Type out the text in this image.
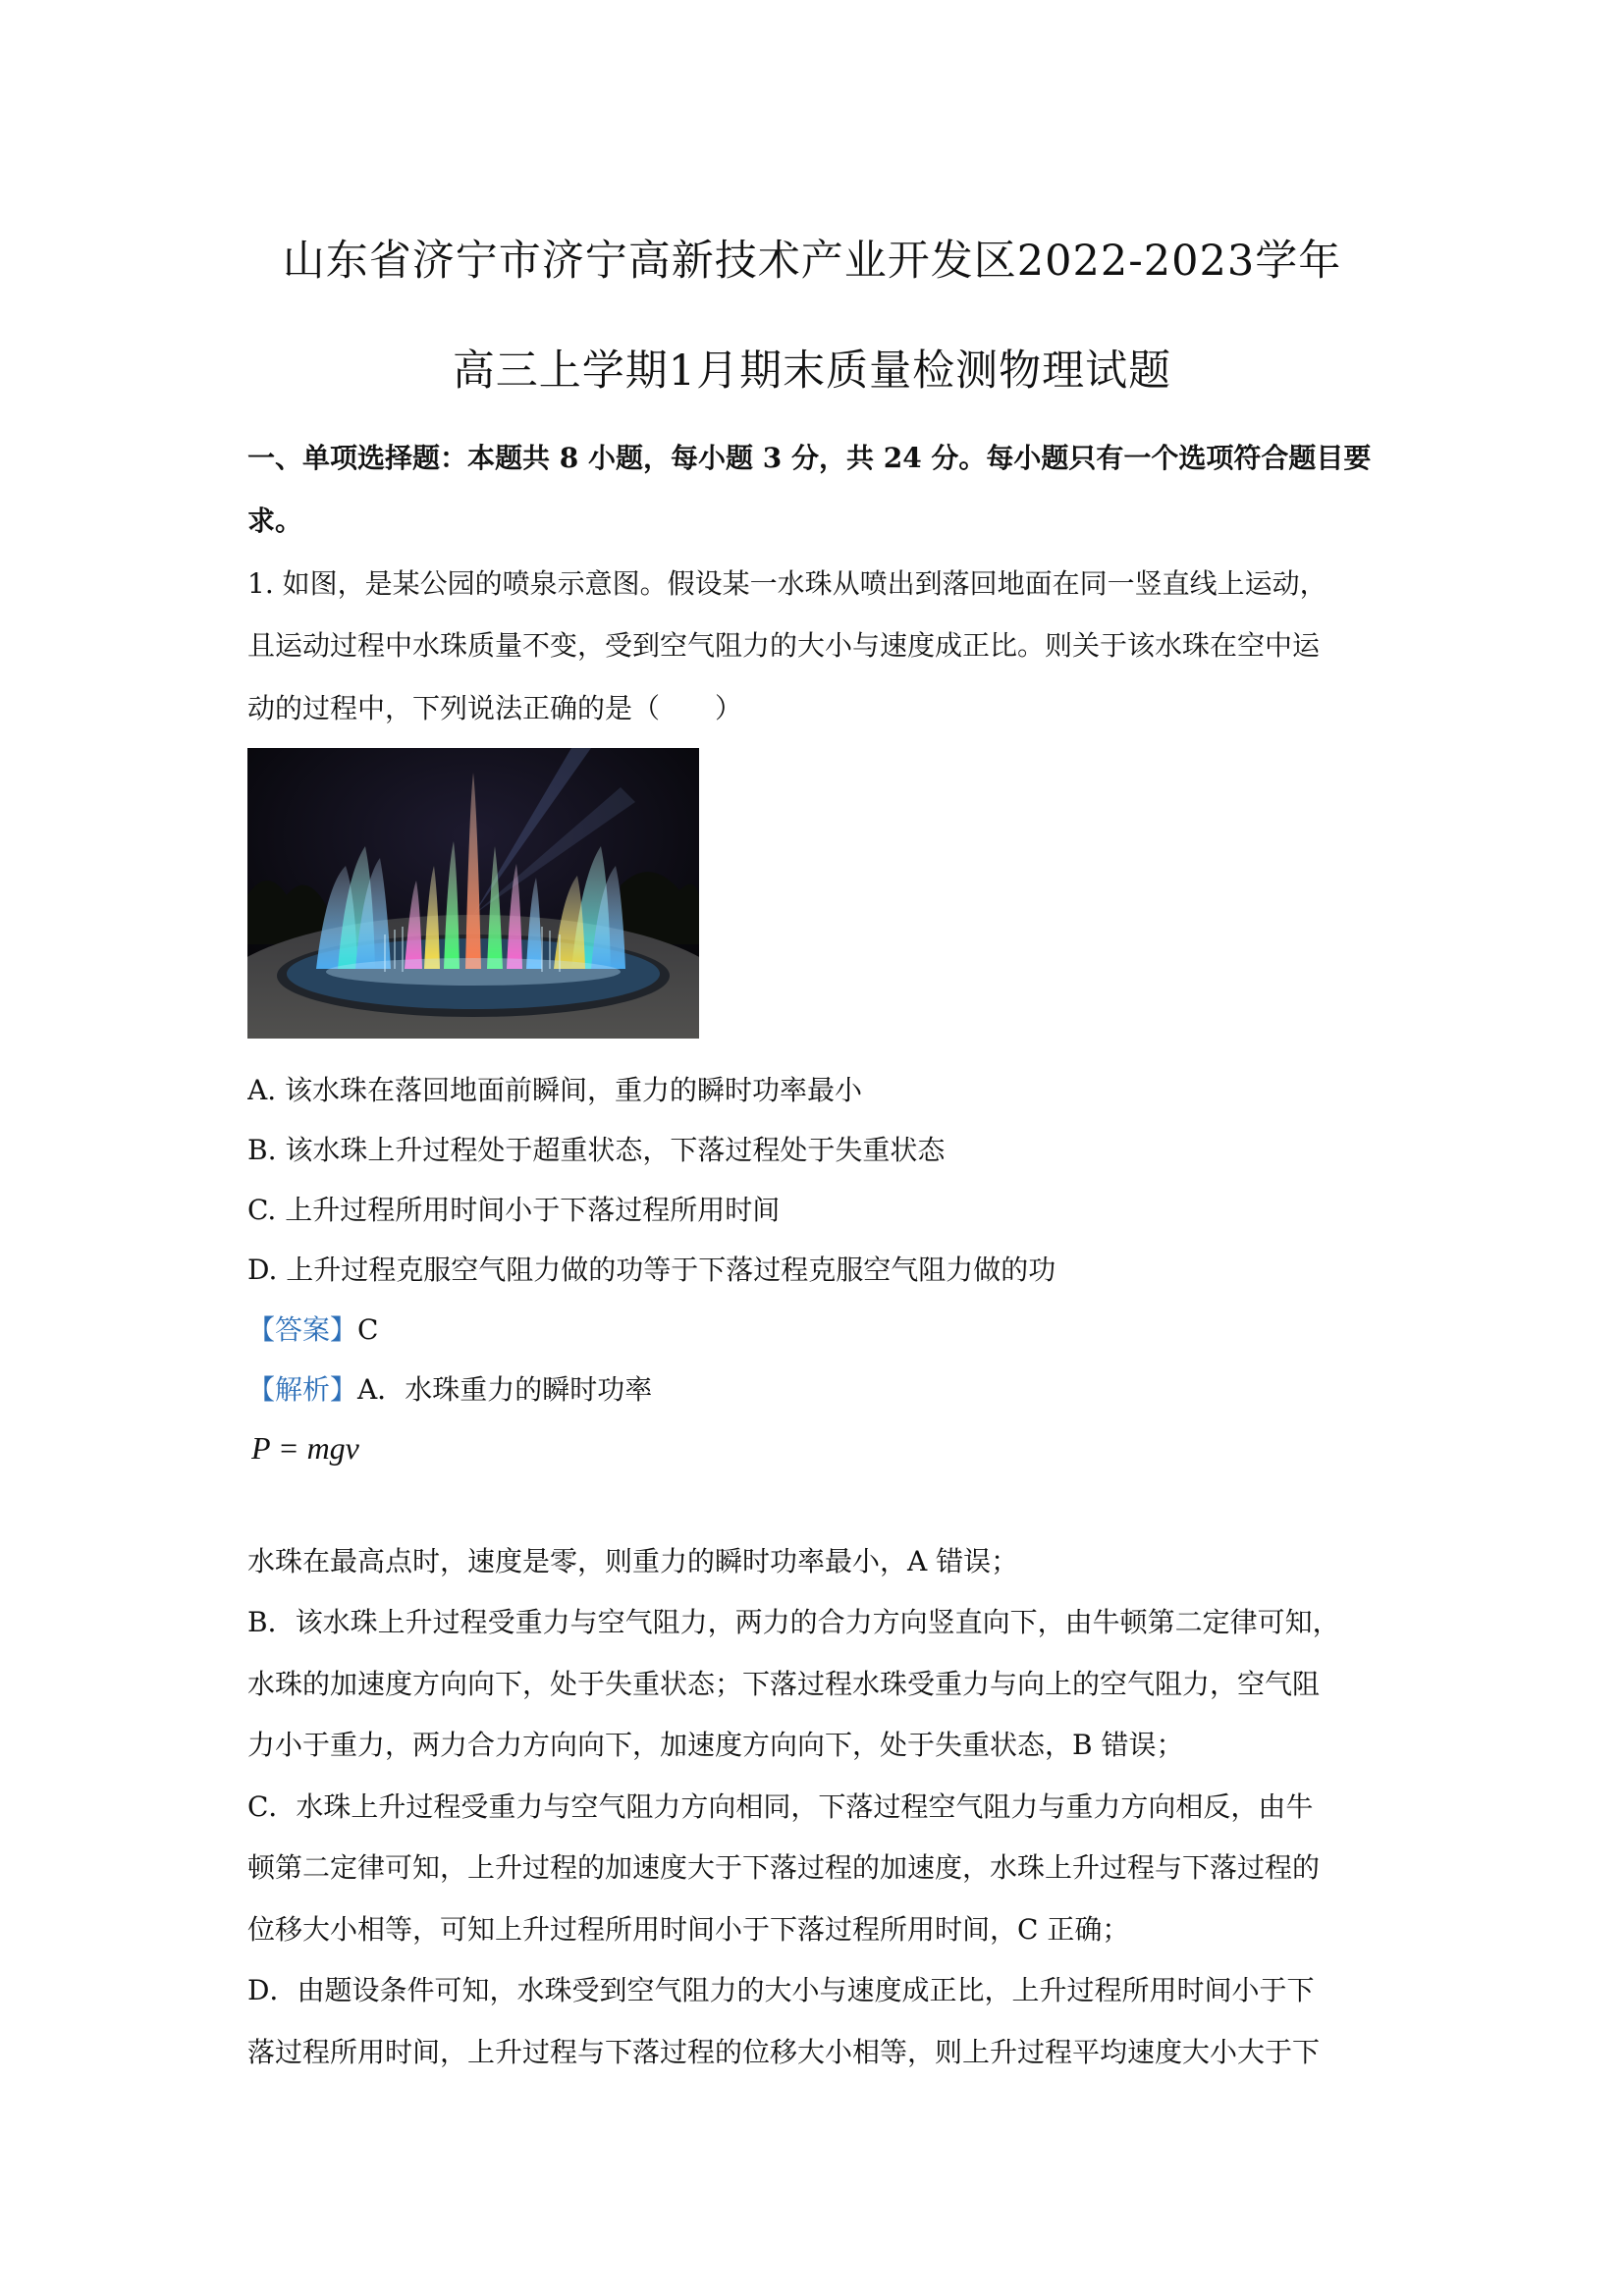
山东省济宁市济宁高新技术产业开发区2022-2023学年
高三上学期1月期末质量检测物理试题
一、单项选择题：本题共 8 小题，每小题 3 分，共 24 分。每小题只有一个选项符合题目要
求。
1. 如图，是某公园的喷泉示意图。假设某一水珠从喷出到落回地面在同一竖直线上运动，
且运动过程中水珠质量不变，受到空气阻力的大小与速度成正比。则关于该水珠在空中运
动的过程中，下列说法正确的是（　　）
A. 该水珠在落回地面前瞬间，重力的瞬时功率最小
B. 该水珠上升过程处于超重状态，下落过程处于失重状态
C. 上升过程所用时间小于下落过程所用时间
D. 上升过程克服空气阻力做的功等于下落过程克服空气阻力做的功
【答案】C
【解析】A．水珠重力的瞬时功率
P = mgv
水珠在最高点时，速度是零，则重力的瞬时功率最小，A 错误；
B．该水珠上升过程受重力与空气阻力，两力的合力方向竖直向下，由牛顿第二定律可知，
水珠的加速度方向向下，处于失重状态；下落过程水珠受重力与向上的空气阻力，空气阻
力小于重力，两力合力方向向下，加速度方向向下，处于失重状态，B 错误；
C．水珠上升过程受重力与空气阻力方向相同，下落过程空气阻力与重力方向相反，由牛
顿第二定律可知，上升过程的加速度大于下落过程的加速度，水珠上升过程与下落过程的
位移大小相等，可知上升过程所用时间小于下落过程所用时间，C 正确；
D．由题设条件可知，水珠受到空气阻力的大小与速度成正比，上升过程所用时间小于下
落过程所用时间，上升过程与下落过程的位移大小相等，则上升过程平均速度大小大于下
